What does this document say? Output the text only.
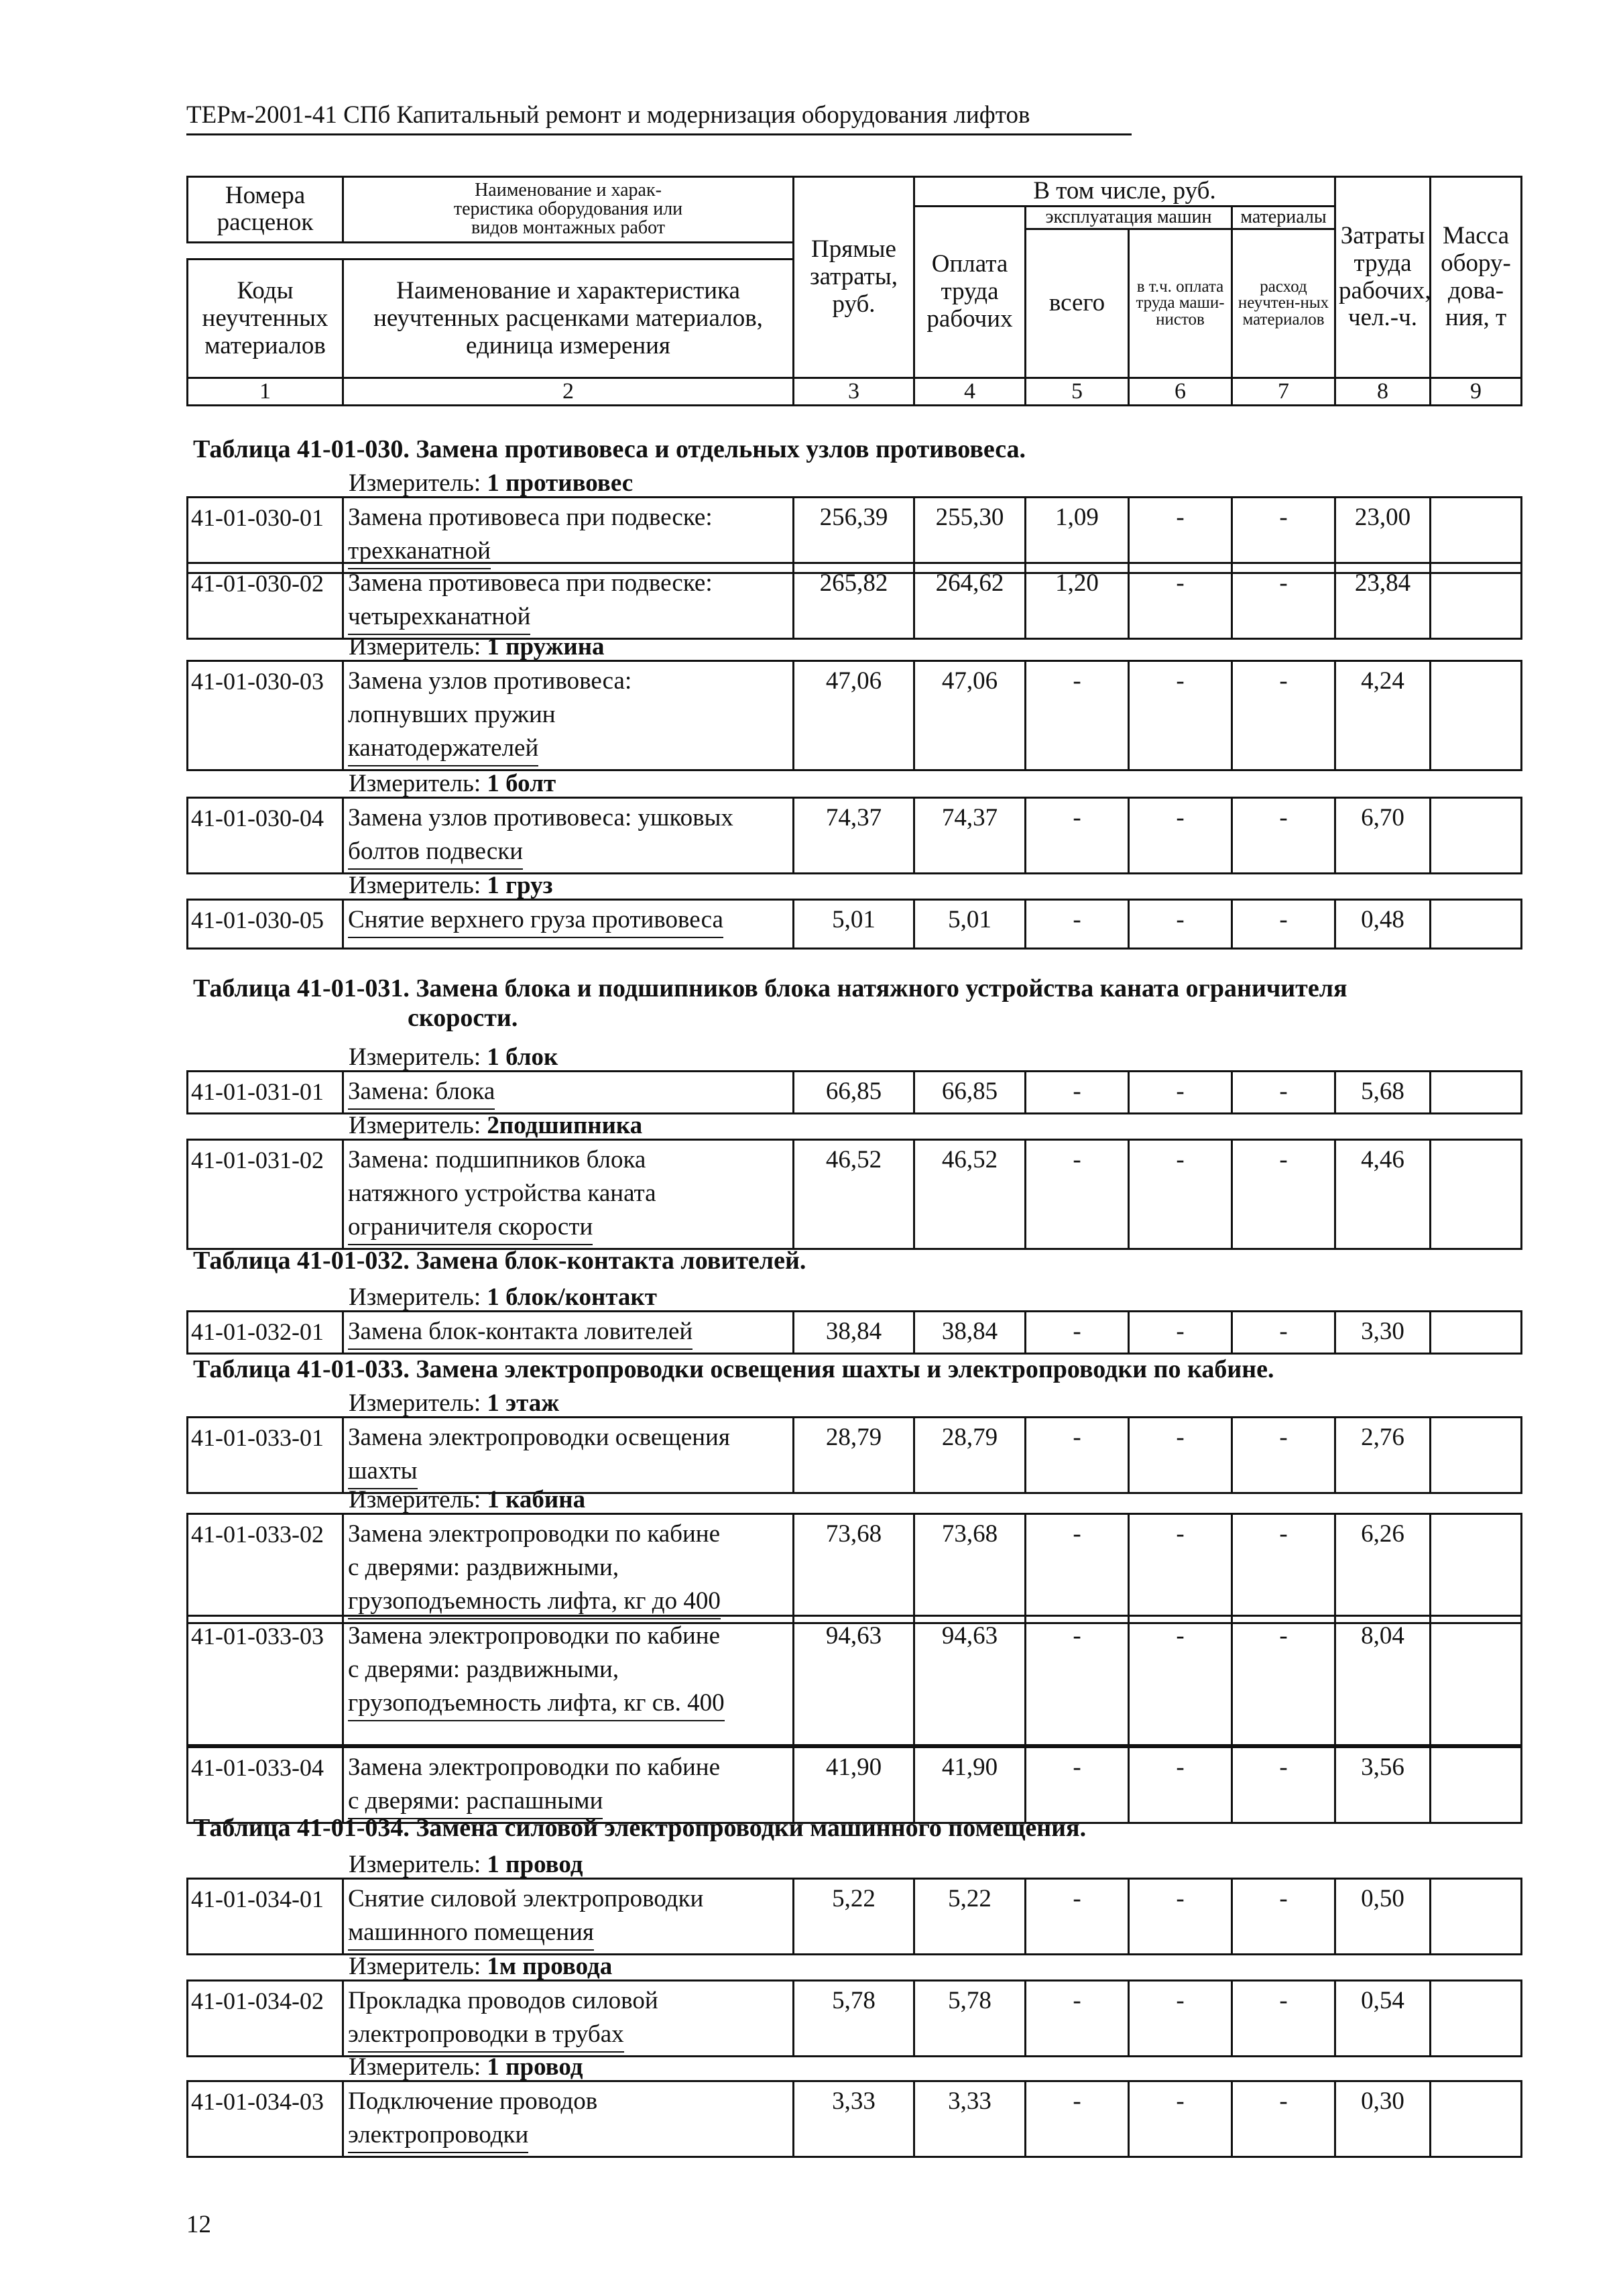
ТЕРм-2001-41 СПб Капитальный ремонт и модернизация оборудования лифтов
Номера расценок	Наименование и харак-
теристика оборудования или
видов монтажных работ	Прямые затраты, руб.	В том числе, руб.				Затраты труда рабочих, чел.-ч.	Масса обору-дова-ния, т
			Оплата труда рабочих	эксплуатация машин		материалы		
				всего	в т.ч. оплата труда маши-нистов	расход неучтен-ных материалов		

Коды неучтенных материалов	Наименование и характеристика
неучтенных расценками материалов,
единица измерения							

1	2	3	4	5	6	7	8	9
Таблица 41-01-030. Замена противовеса и отдельных узлов противовеса.
Измеритель: 1 противовес
41-01-030-01	Замена противовеса при подвеске:
трехканатной	256,39	255,30	1,09	-	-	23,00	
41-01-030-02	Замена противовеса при подвеске:
четырехканатной	265,82	264,62	1,20	-	-	23,84	
Измеритель: 1 пружина
41-01-030-03	Замена узлов противовеса:
лопнувших пружин
канатодержателей	47,06	47,06	-	-	-	4,24	
Измеритель: 1 болт
41-01-030-04	Замена узлов противовеса: ушковых
болтов подвески	74,37	74,37	-	-	-	6,70	
Измеритель: 1 груз
41-01-030-05	Снятие верхнего груза противовеса	5,01	5,01	-	-	-	0,48	
Таблица 41-01-031. Замена блока и подшипников блока натяжного устройства каната ограничителя
скорости.
Измеритель: 1 блок
41-01-031-01	Замена: блока	66,85	66,85	-	-	-	5,68	
Измеритель: 2подшипника
41-01-031-02	Замена: подшипников блока
натяжного устройства каната
ограничителя скорости	46,52	46,52	-	-	-	4,46	
Таблица 41-01-032. Замена блок-контакта ловителей.
Измеритель: 1 блок/контакт
41-01-032-01	Замена блок-контакта ловителей	38,84	38,84	-	-	-	3,30	
Таблица 41-01-033. Замена электропроводки освещения шахты и электропроводки по кабине.
Измеритель: 1 этаж
41-01-033-01	Замена электропроводки освещения
шахты	28,79	28,79	-	-	-	2,76	
Измеритель: 1 кабина
41-01-033-02	Замена электропроводки по кабине
с дверями: раздвижными,
грузоподъемность лифта, кг до 400	73,68	73,68	-	-	-	6,26	
41-01-033-03	Замена электропроводки по кабине
с дверями: раздвижными,
грузоподъемность лифта, кг св. 400	94,63	94,63	-	-	-	8,04	
41-01-033-04	Замена электропроводки по кабине
с дверями: распашными	41,90	41,90	-	-	-	3,56	
Таблица 41-01-034. Замена силовой электропроводки машинного помещения.
Измеритель: 1 провод
41-01-034-01	Снятие силовой электропроводки
машинного помещения	5,22	5,22	-	-	-	0,50	
Измеритель: 1м провода
41-01-034-02	Прокладка проводов силовой
электропроводки в трубах	5,78	5,78	-	-	-	0,54	
Измеритель: 1 провод
41-01-034-03	Подключение проводов
электропроводки	3,33	3,33	-	-	-	0,30	
12
